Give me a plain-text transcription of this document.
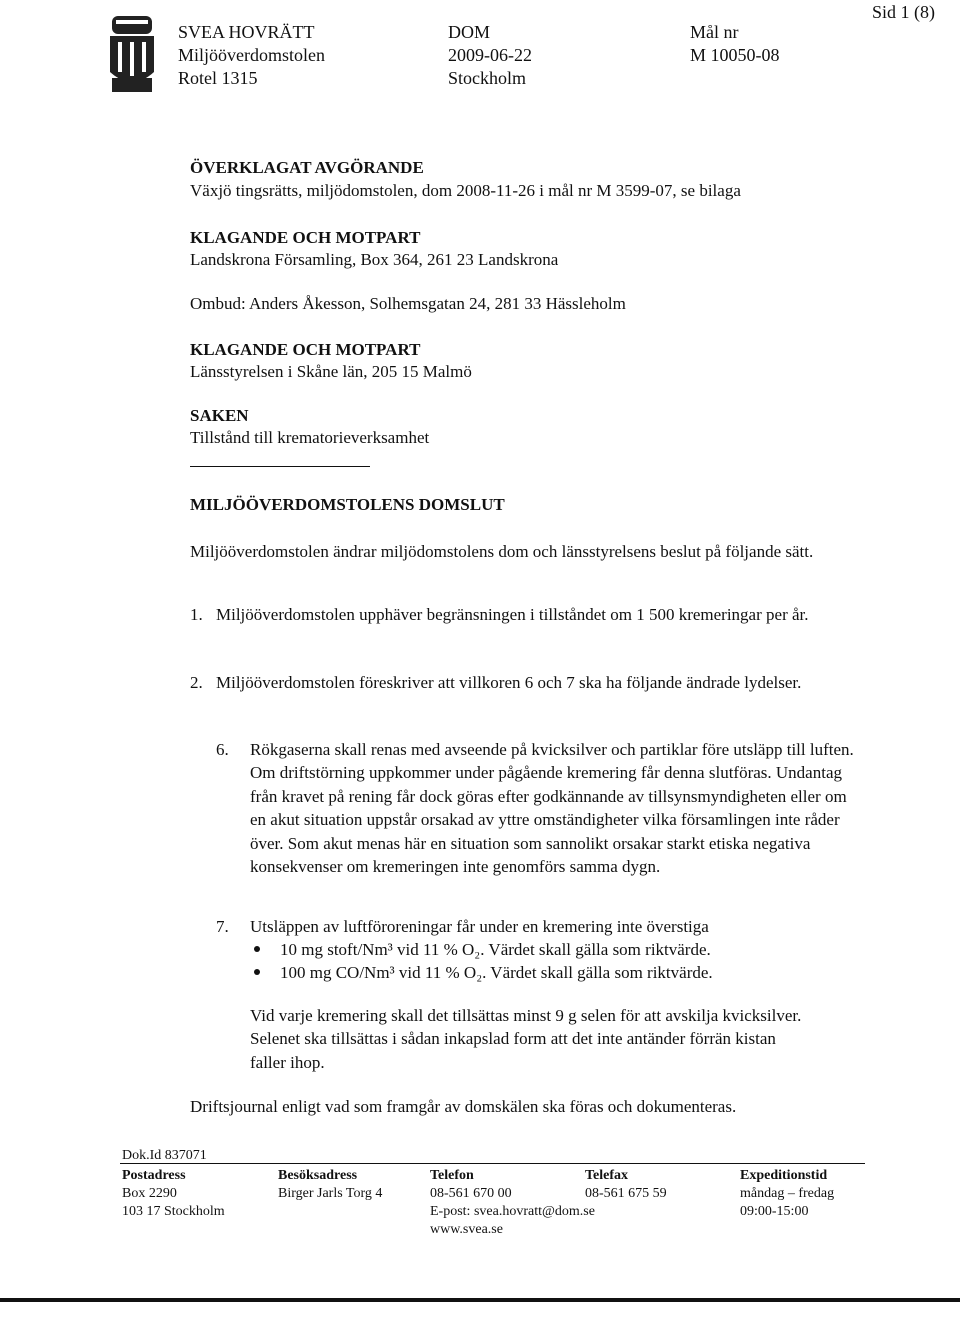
SVEA HOVRÄTT
Miljööverdomstolen
Rotel 1315
DOM
2009-06-22
Stockholm
Mål nr
M 10050-08
Sid 1 (8)
ÖVERKLAGAT AVGÖRANDE
Växjö tingsrätts, miljödomstolen, dom 2008-11-26 i mål nr M 3599-07, se bilaga
KLAGANDE OCH MOTPART
Landskrona Församling, Box 364, 261 23 Landskrona
Ombud: Anders Åkesson, Solhemsgatan 24, 281 33 Hässleholm
KLAGANDE OCH MOTPART
Länsstyrelsen i Skåne län, 205 15 Malmö
SAKEN
Tillstånd till krematorieverksamhet
MILJÖÖVERDOMSTOLENS DOMSLUT
Miljööverdomstolen ändrar miljödomstolens dom och länsstyrelsens beslut på följande sätt.
1. Miljööverdomstolen upphäver begränsningen i tillståndet om 1 500 kremeringar per år.
2. Miljööverdomstolen föreskriver att villkoren 6 och 7 ska ha följande ändrade lydelser.
6. Rökgaserna skall renas med avseende på kvicksilver och partiklar före utsläpp till luften. Om driftstörning uppkommer under pågående kremering får denna slutföras. Undantag från kravet på rening får dock göras efter godkännande av tillsynsmyndigheten eller om en akut situation uppstår orsakad av yttre omständigheter vilka församlingen inte råder över. Som akut menas här en situation som sannolikt orsakar starkt etiska negativa konsekvenser om kremeringen inte genomförs samma dygn.
7. Utsläppen av luftföroreningar får under en kremering inte överstiga
10 mg stoft/Nm³ vid 11 % O₂. Värdet skall gälla som riktvärde.
100 mg CO/Nm³ vid 11 % O₂. Värdet skall gälla som riktvärde.
Vid varje kremering skall det tillsättas minst 9 g selen för att avskilja kvicksilver. Selenet ska tillsättas i sådan inkapslad form att det inte antänder förrän kistan faller ihop.
Driftsjournal enligt vad som framgår av domskälen ska föras och dokumenteras.
Dok.Id 837071
Postadress
Box 2290
103 17 Stockholm
Besöksadress
Birger Jarls Torg 4
Telefon
08-561 670 00
E-post: svea.hovratt@dom.se
www.svea.se
Telefax
08-561 675 59
Expeditionstid
måndag – fredag
09:00-15:00
